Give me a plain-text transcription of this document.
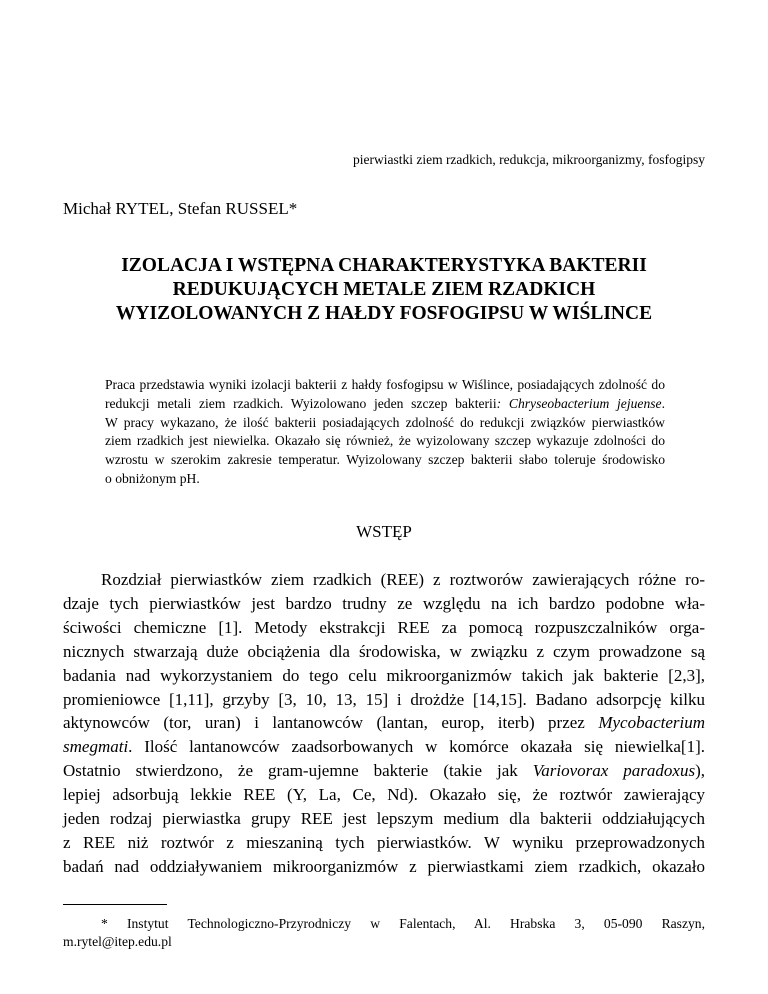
pierwiastki ziem rzadkich, redukcja, mikroorganizmy, fosfogipsy
Michał RYTEL, Stefan RUSSEL*
IZOLACJA I WSTĘPNA CHARAKTERYSTYKA BAKTERII
REDUKUJĄCYCH METALE ZIEM RZADKICH
WYIZOLOWANYCH Z HAŁDY FOSFOGIPSU W WIŚLINCE
Praca przedstawia wyniki izolacji bakterii z hałdy fosfogipsu w Wiślince, posiadających zdolność do
redukcji metali ziem rzadkich. Wyizolowano jeden szczep bakterii: Chryseobacterium jejuense.
W pracy wykazano, że ilość bakterii posiadających zdolność do redukcji związków pierwiastków
ziem rzadkich jest niewielka. Okazało się również, że wyizolowany szczep wykazuje zdolności do
wzrostu w szerokim zakresie temperatur. Wyizolowany szczep bakterii słabo toleruje środowisko
o obniżonym pH.
WSTĘP
Rozdział pierwiastków ziem rzadkich (REE) z roztworów zawierających różne ro-
dzaje tych pierwiastków jest bardzo trudny ze względu na ich bardzo podobne wła-
ściwości chemiczne [1]. Metody ekstrakcji REE za pomocą rozpuszczalników orga-
nicznych stwarzają duże obciążenia dla środowiska, w związku z czym prowadzone są
badania nad wykorzystaniem do tego celu mikroorganizmów takich jak bakterie [2,3],
promieniowce [1,11], grzyby [3, 10, 13, 15] i drożdże [14,15]. Badano adsorpcję kilku
aktynowców (tor, uran) i lantanowców (lantan, europ, iterb) przez Mycobacterium
smegmati. Ilość lantanowców zaadsorbowanych w komórce okazała się niewielka[1].
Ostatnio stwierdzono, że gram-ujemne bakterie (takie jak Variovorax paradoxus),
lepiej adsorbują lekkie REE (Y, La, Ce, Nd). Okazało się, że roztwór zawierający
jeden rodzaj pierwiastka grupy REE jest lepszym medium dla bakterii oddziałujących
z REE niż roztwór z mieszaniną tych pierwiastków. W wyniku przeprowadzonych
badań nad oddziaływaniem mikroorganizmów z pierwiastkami ziem rzadkich, okazało
* Instytut Technologiczno-Przyrodniczy w Falentach, Al. Hrabska 3, 05-090 Raszyn,
m.rytel@itep.edu.pl
